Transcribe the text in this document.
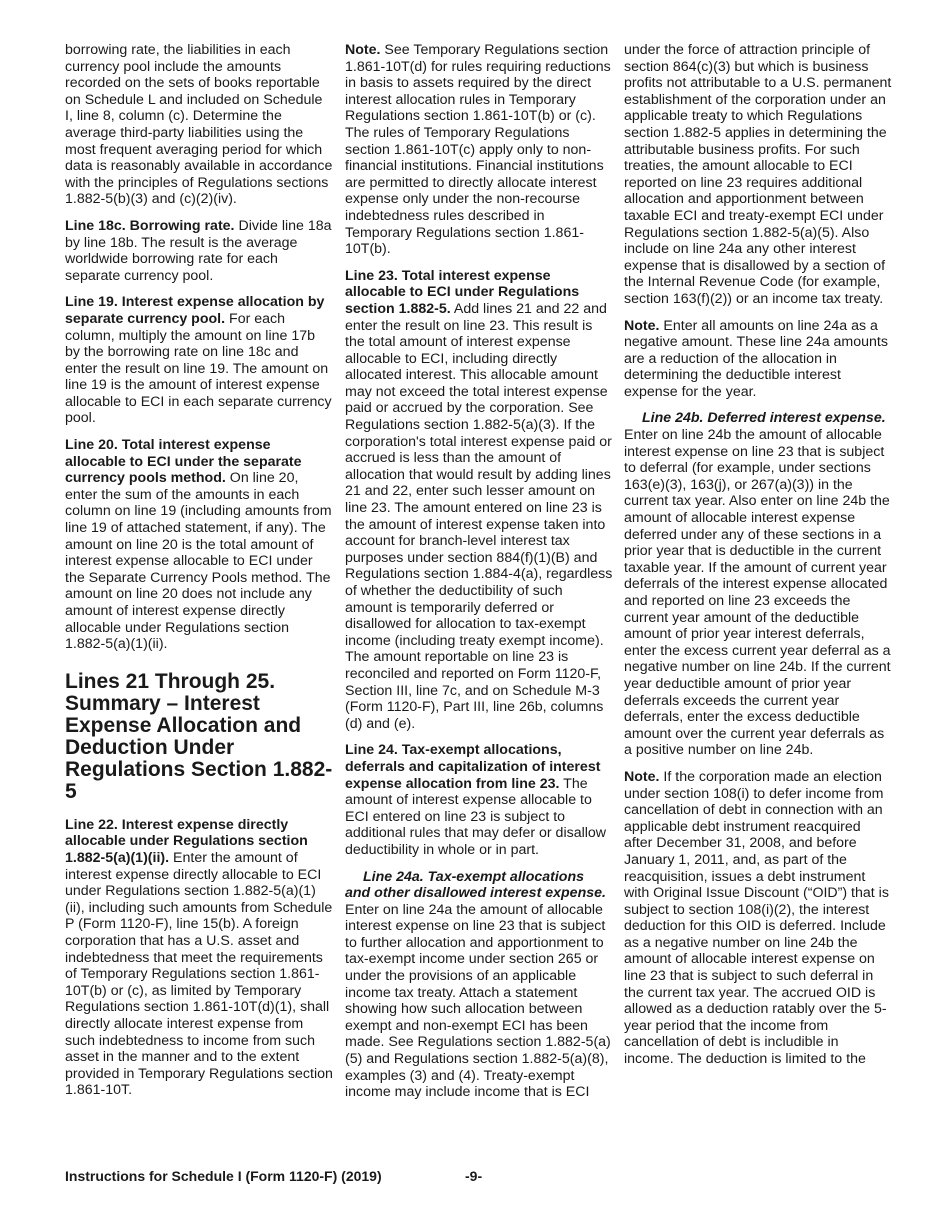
borrowing rate, the liabilities in each currency pool include the amounts recorded on the sets of books reportable on Schedule L and included on Schedule I, line 8, column (c). Determine the average third-party liabilities using the most frequent averaging period for which data is reasonably available in accordance with the principles of Regulations sections 1.882-5(b)(3) and (c)(2)(iv).

Line 18c. Borrowing rate. Divide line 18a by line 18b. The result is the average worldwide borrowing rate for each separate currency pool.

Line 19. Interest expense allocation by separate currency pool. For each column, multiply the amount on line 17b by the borrowing rate on line 18c and enter the result on line 19. The amount on line 19 is the amount of interest expense allocable to ECI in each separate currency pool.

Line 20. Total interest expense allocable to ECI under the separate currency pools method. On line 20, enter the sum of the amounts in each column on line 19 (including amounts from line 19 of attached statement, if any). The amount on line 20 is the total amount of interest expense allocable to ECI under the Separate Currency Pools method. The amount on line 20 does not include any amount of interest expense directly allocable under Regulations section 1.882-5(a)(1)(ii).

Lines 21 Through 25. Summary – Interest Expense Allocation and Deduction Under Regulations Section 1.882-5

Line 22. Interest expense directly allocable under Regulations section 1.882-5(a)(1)(ii). Enter the amount of interest expense directly allocable to ECI under Regulations section 1.882-5(a)(1)(ii), including such amounts from Schedule P (Form 1120-F), line 15(b). A foreign corporation that has a U.S. asset and indebtedness that meet the requirements of Temporary Regulations section 1.861-10T(b) or (c), as limited by Temporary Regulations section 1.861-10T(d)(1), shall directly allocate interest expense from such indebtedness to income from such asset in the manner and to the extent provided in Temporary Regulations section 1.861-10T.

Note. See Temporary Regulations section 1.861-10T(d) for rules requiring reductions in basis to assets required by the direct interest allocation rules in Temporary Regulations section 1.861-10T(b) or (c). The rules of Temporary Regulations section 1.861-10T(c) apply only to non-financial institutions. Financial institutions are permitted to directly allocate interest expense only under the non-recourse indebtedness rules described in Temporary Regulations section 1.861-10T(b).

Line 23. Total interest expense allocable to ECI under Regulations section 1.882-5. Add lines 21 and 22 and enter the result on line 23. This result is the total amount of interest expense allocable to ECI, including directly allocated interest. This allocable amount may not exceed the total interest expense paid or accrued by the corporation. See Regulations section 1.882-5(a)(3). If the corporation's total interest expense paid or accrued is less than the amount of allocation that would result by adding lines 21 and 22, enter such lesser amount on line 23. The amount entered on line 23 is the amount of interest expense taken into account for branch-level interest tax purposes under section 884(f)(1)(B) and Regulations section 1.884-4(a), regardless of whether the deductibility of such amount is temporarily deferred or disallowed for allocation to tax-exempt income (including treaty exempt income). The amount reportable on line 23 is reconciled and reported on Form 1120-F, Section III, line 7c, and on Schedule M-3 (Form 1120-F), Part III, line 26b, columns (d) and (e).

Line 24. Tax-exempt allocations, deferrals and capitalization of interest expense allocation from line 23. The amount of interest expense allocable to ECI entered on line 23 is subject to additional rules that may defer or disallow deductibility in whole or in part.

Line 24a. Tax-exempt allocations and other disallowed interest expense. Enter on line 24a the amount of allocable interest expense on line 23 that is subject to further allocation and apportionment to tax-exempt income under section 265 or under the provisions of an applicable income tax treaty. Attach a statement showing how such allocation between exempt and non-exempt ECI has been made. See Regulations section 1.882-5(a)(5) and Regulations section 1.882-5(a)(8), examples (3) and (4). Treaty-exempt income may include income that is ECI

under the force of attraction principle of section 864(c)(3) but which is business profits not attributable to a U.S. permanent establishment of the corporation under an applicable treaty to which Regulations section 1.882-5 applies in determining the attributable business profits. For such treaties, the amount allocable to ECI reported on line 23 requires additional allocation and apportionment between taxable ECI and treaty-exempt ECI under Regulations section 1.882-5(a)(5). Also include on line 24a any other interest expense that is disallowed by a section of the Internal Revenue Code (for example, section 163(f)(2)) or an income tax treaty.

Note. Enter all amounts on line 24a as a negative amount. These line 24a amounts are a reduction of the allocation in determining the deductible interest expense for the year.

Line 24b. Deferred interest expense. Enter on line 24b the amount of allocable interest expense on line 23 that is subject to deferral (for example, under sections 163(e)(3), 163(j), or 267(a)(3)) in the current tax year. Also enter on line 24b the amount of allocable interest expense deferred under any of these sections in a prior year that is deductible in the current taxable year. If the amount of current year deferrals of the interest expense allocated and reported on line 23 exceeds the current year amount of the deductible amount of prior year interest deferrals, enter the excess current year deferral as a negative number on line 24b. If the current year deductible amount of prior year deferrals exceeds the current year deferrals, enter the excess deductible amount over the current year deferrals as a positive number on line 24b.

Note. If the corporation made an election under section 108(i) to defer income from cancellation of debt in connection with an applicable debt instrument reacquired after December 31, 2008, and before January 1, 2011, and, as part of the reacquisition, issues a debt instrument with Original Issue Discount (“OID”) that is subject to section 108(i)(2), the interest deduction for this OID is deferred. Include as a negative number on line 24b the amount of allocable interest expense on line 23 that is subject to such deferral in the current tax year. The accrued OID is allowed as a deduction ratably over the 5-year period that the income from cancellation of debt is includible in income. The deduction is limited to the

Instructions for Schedule I (Form 1120-F) (2019)	-9-
